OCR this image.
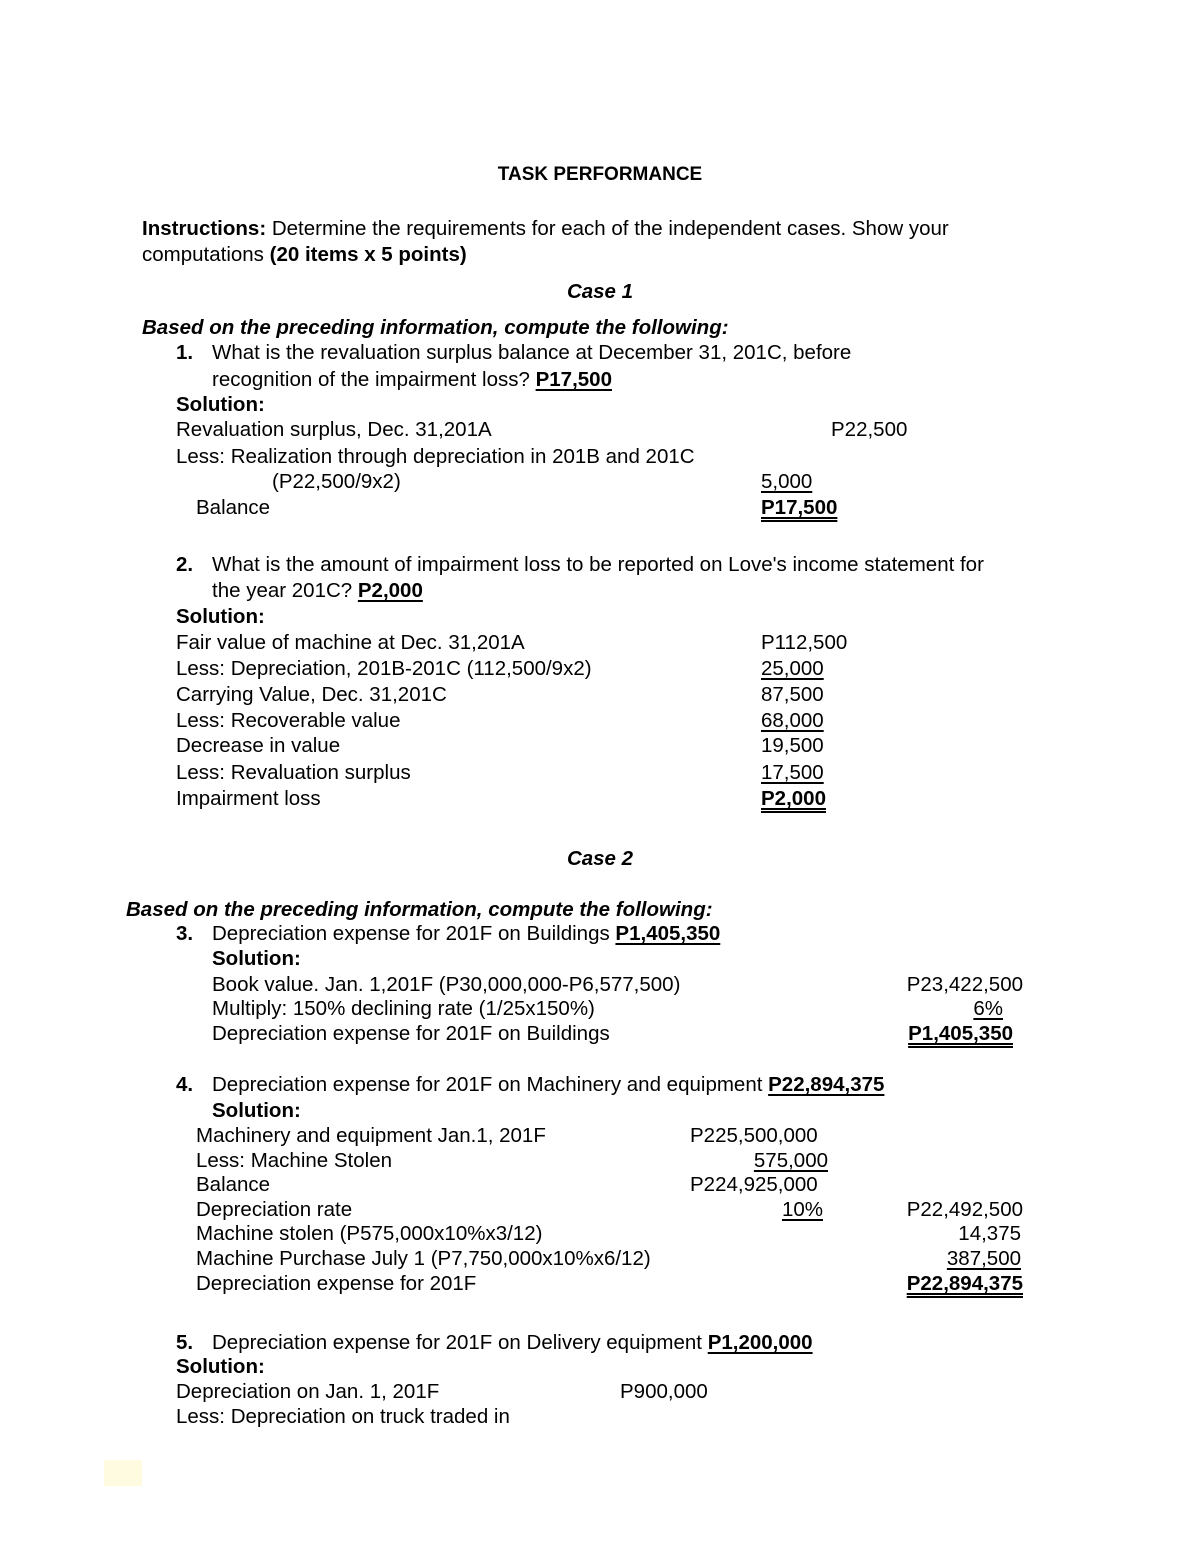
TASK PERFORMANCE
Instructions: Determine the requirements for each of the independent cases. Show your
computations (20 items x 5 points)
Case 1
Based on the preceding information, compute the following:
1. What is the revaluation surplus balance at December 31, 201C, before
recognition of the impairment loss? P17,500
Solution:
Revaluation surplus, Dec. 31,201A	P22,500
Less: Realization through depreciation in 201B and 201C
(P22,500/9x2)	5,000
Balance	P17,500
2. What is the amount of impairment loss to be reported on Love's income statement for
the year 201C? P2,000
Solution:
Fair value of machine at Dec. 31,201A	P112,500
Less: Depreciation, 201B-201C (112,500/9x2)	25,000
Carrying Value, Dec. 31,201C	87,500
Less: Recoverable value	68,000
Decrease in value	19,500
Less: Revaluation surplus	17,500
Impairment loss	P2,000
Case 2
Based on the preceding information, compute the following:
3. Depreciation expense for 201F on Buildings P1,405,350
Solution:
Book value. Jan. 1,201F (P30,000,000-P6,577,500)	P23,422,500
Multiply: 150% declining rate (1/25x150%)	6%
Depreciation expense for 201F on Buildings	P1,405,350
4. Depreciation expense for 201F on Machinery and equipment P22,894,375
Solution:
Machinery and equipment Jan.1, 201F	P225,500,000
Less: Machine Stolen	575,000
Balance	P224,925,000
Depreciation rate	10%	P22,492,500
Machine stolen (P575,000x10%x3/12)	14,375
Machine Purchase July 1 (P7,750,000x10%x6/12)	387,500
Depreciation expense for 201F	P22,894,375
5. Depreciation expense for 201F on Delivery equipment P1,200,000
Solution:
Depreciation on Jan. 1, 201F	P900,000
Less: Depreciation on truck traded in
